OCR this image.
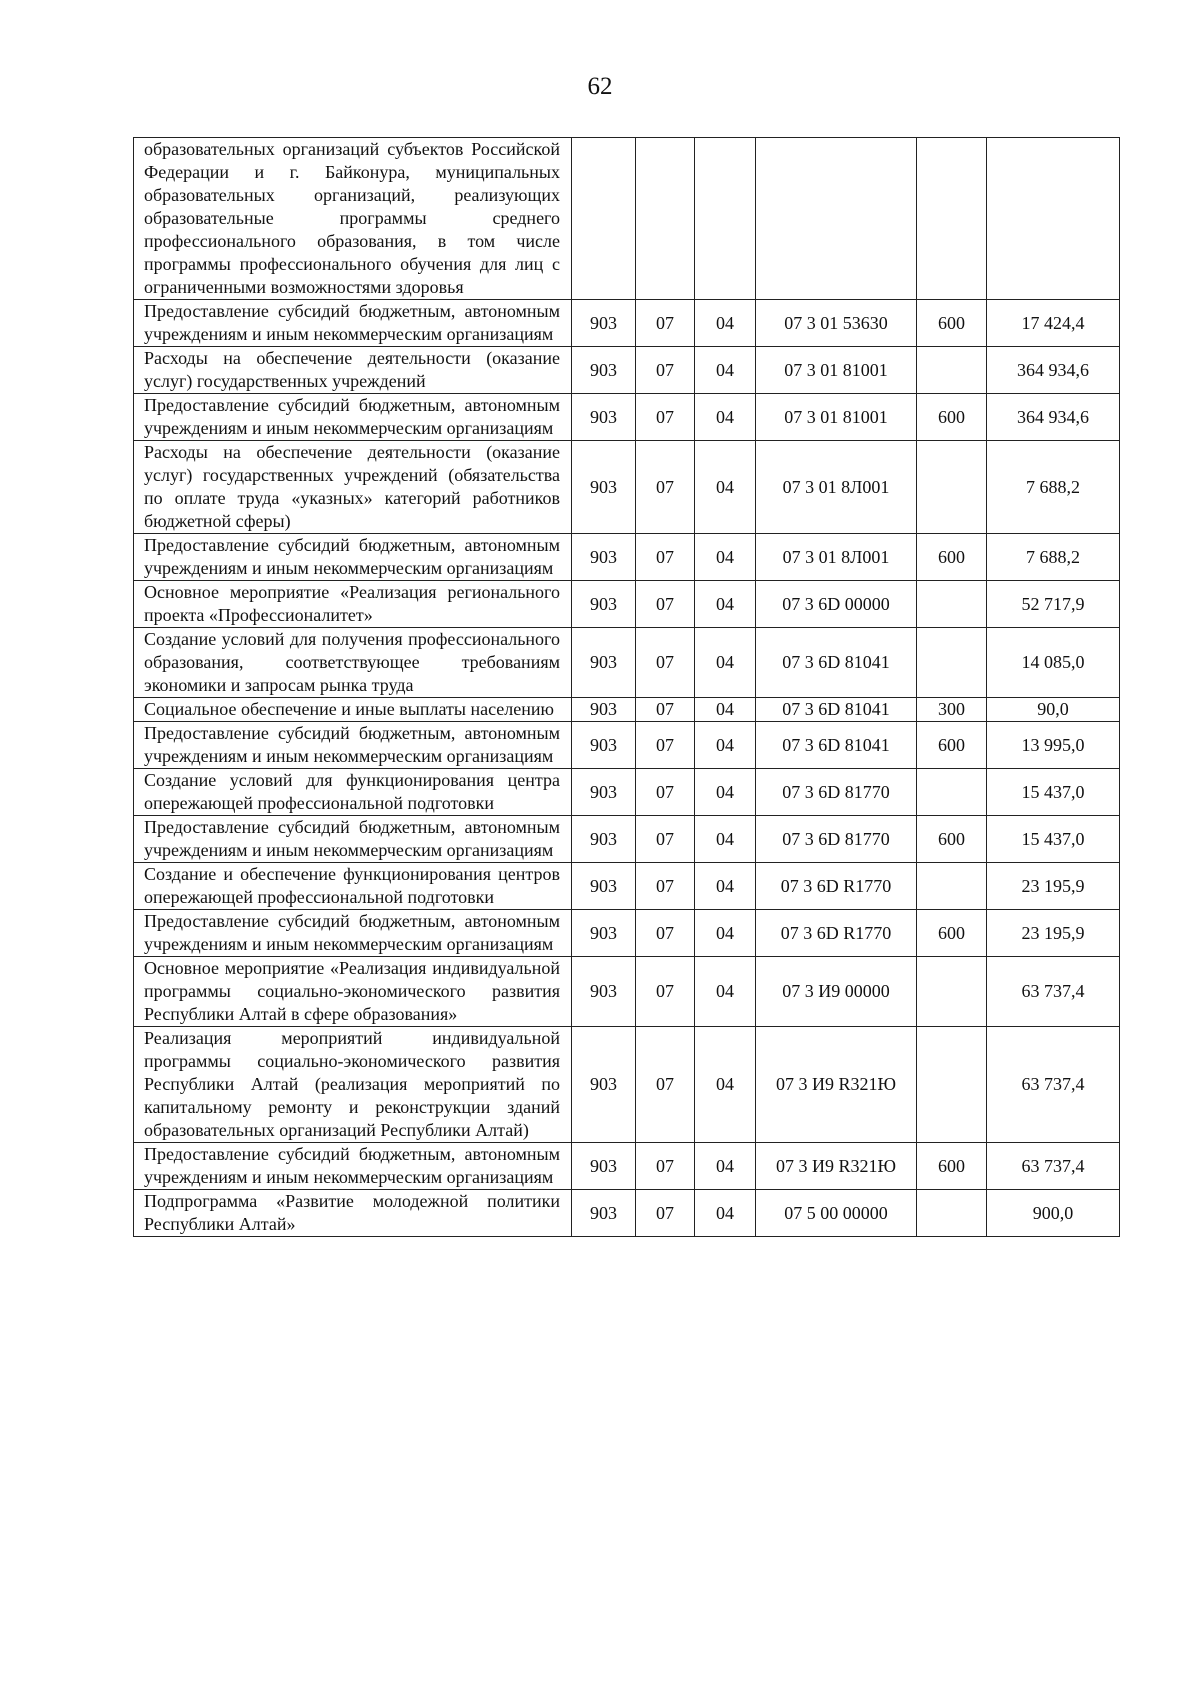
62
образовательных организаций субъектов Российской Федерации и г. Байконура, муниципальных образовательных организаций, реализующих образовательные программы среднего профессионального образования, в том числе программы профессионального обучения для лиц с ограниченными возможностями здоровья						
Предоставление субсидий бюджетным, автономным учреждениям и иным некоммерческим организациям	903	07	04	07 3 01 53630	600	17 424,4
Расходы на обеспечение деятельности (оказание услуг) государственных учреждений	903	07	04	07 3 01 81001		364 934,6
Предоставление субсидий бюджетным, автономным учреждениям и иным некоммерческим организациям	903	07	04	07 3 01 81001	600	364 934,6
Расходы на обеспечение деятельности (оказание услуг) государственных учреждений (обязательства по оплате труда «указных» категорий работников бюджетной сферы)	903	07	04	07 3 01 8Л001		7 688,2
Предоставление субсидий бюджетным, автономным учреждениям и иным некоммерческим организациям	903	07	04	07 3 01 8Л001	600	7 688,2
Основное мероприятие «Реализация регионального проекта «Профессионалитет»	903	07	04	07 3 6D 00000		52 717,9
Создание условий для получения профессионального образования, соответствующее требованиям экономики и запросам рынка труда	903	07	04	07 3 6D 81041		14 085,0
Социальное обеспечение и иные выплаты населению	903	07	04	07 3 6D 81041	300	90,0
Предоставление субсидий бюджетным, автономным учреждениям и иным некоммерческим организациям	903	07	04	07 3 6D 81041	600	13 995,0
Создание условий для функционирования центра опережающей профессиональной подготовки	903	07	04	07 3 6D 81770		15 437,0
Предоставление субсидий бюджетным, автономным учреждениям и иным некоммерческим организациям	903	07	04	07 3 6D 81770	600	15 437,0
Создание и обеспечение функционирования центров опережающей профессиональной подготовки	903	07	04	07 3 6D R1770		23 195,9
Предоставление субсидий бюджетным, автономным учреждениям и иным некоммерческим организациям	903	07	04	07 3 6D R1770	600	23 195,9
Основное мероприятие «Реализация индивидуальной программы социально-экономического развития Республики Алтай в сфере образования»	903	07	04	07 3 И9 00000		63 737,4
Реализация мероприятий индивидуальной программы социально-экономического развития Республики Алтай (реализация мероприятий по капитальному ремонту и реконструкции зданий образовательных организаций Республики Алтай)	903	07	04	07 3 И9 R321Ю		63 737,4
Предоставление субсидий бюджетным, автономным учреждениям и иным некоммерческим организациям	903	07	04	07 3 И9 R321Ю	600	63 737,4
Подпрограмма «Развитие молодежной политики Республики Алтай»	903	07	04	07 5 00 00000		900,0
